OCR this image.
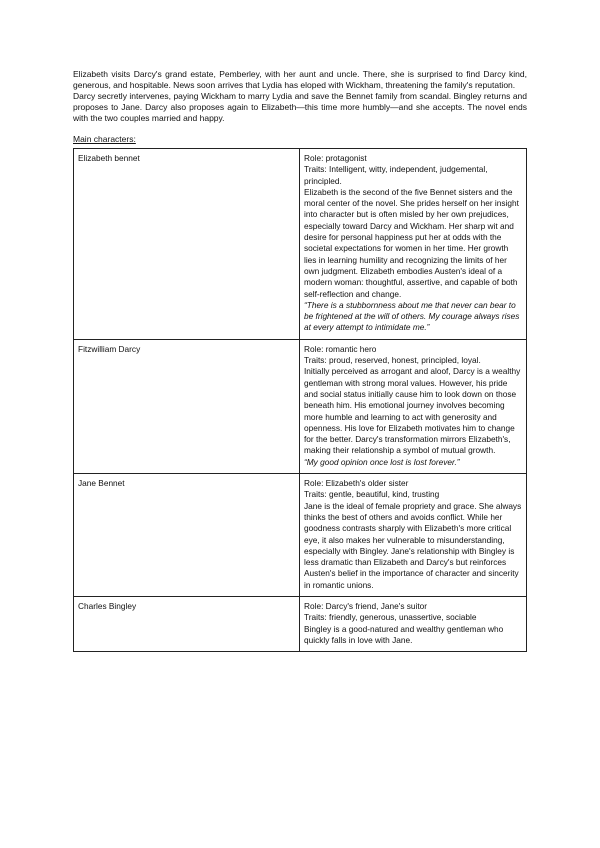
Elizabeth visits Darcy's grand estate, Pemberley, with her aunt and uncle. There, she is surprised to find Darcy kind, generous, and hospitable. News soon arrives that Lydia has eloped with Wickham, threatening the family's reputation.

Darcy secretly intervenes, paying Wickham to marry Lydia and save the Bennet family from scandal. Bingley returns and proposes to Jane. Darcy also proposes again to Elizabeth—this time more humbly—and she accepts. The novel ends with the two couples married and happy.

Main characters:
Elizabeth bennet	Role: protagonist
Traits: Intelligent, witty, independent, judgemental, principled.
Elizabeth is the second of the five Bennet sisters and the moral center of the novel. She prides herself on her insight into character but is often misled by her own prejudices, especially toward Darcy and Wickham. Her sharp wit and desire for personal happiness put her at odds with the societal expectations for women in her time. Her growth lies in learning humility and recognizing the limits of her own judgment. Elizabeth embodies Austen's ideal of a modern woman: thoughtful, assertive, and capable of both self-reflection and change.
“There is a stubbornness about me that never can bear to be frightened at the will of others. My courage always rises at every attempt to intimidate me.”

Fitzwilliam Darcy	Role: romantic hero
Traits: proud, reserved, honest, principled, loyal.
Initially perceived as arrogant and aloof, Darcy is a wealthy gentleman with strong moral values. However, his pride and social status initially cause him to look down on those beneath him. His emotional journey involves becoming more humble and learning to act with generosity and openness. His love for Elizabeth motivates him to change for the better. Darcy's transformation mirrors Elizabeth's, making their relationship a symbol of mutual growth.
“My good opinion once lost is lost forever.”

Jane Bennet	Role: Elizabeth's older sister
Traits: gentle, beautiful, kind, trusting
Jane is the ideal of female propriety and grace. She always thinks the best of others and avoids conflict. While her goodness contrasts sharply with Elizabeth's more critical eye, it also makes her vulnerable to misunderstanding, especially with Bingley. Jane's relationship with Bingley is less dramatic than Elizabeth and Darcy's but reinforces Austen's belief in the importance of character and sincerity in romantic unions.

Charles Bingley	Role: Darcy's friend, Jane's suitor
Traits: friendly, generous, unassertive, sociable
Bingley is a good-natured and wealthy gentleman who quickly falls in love with Jane.
